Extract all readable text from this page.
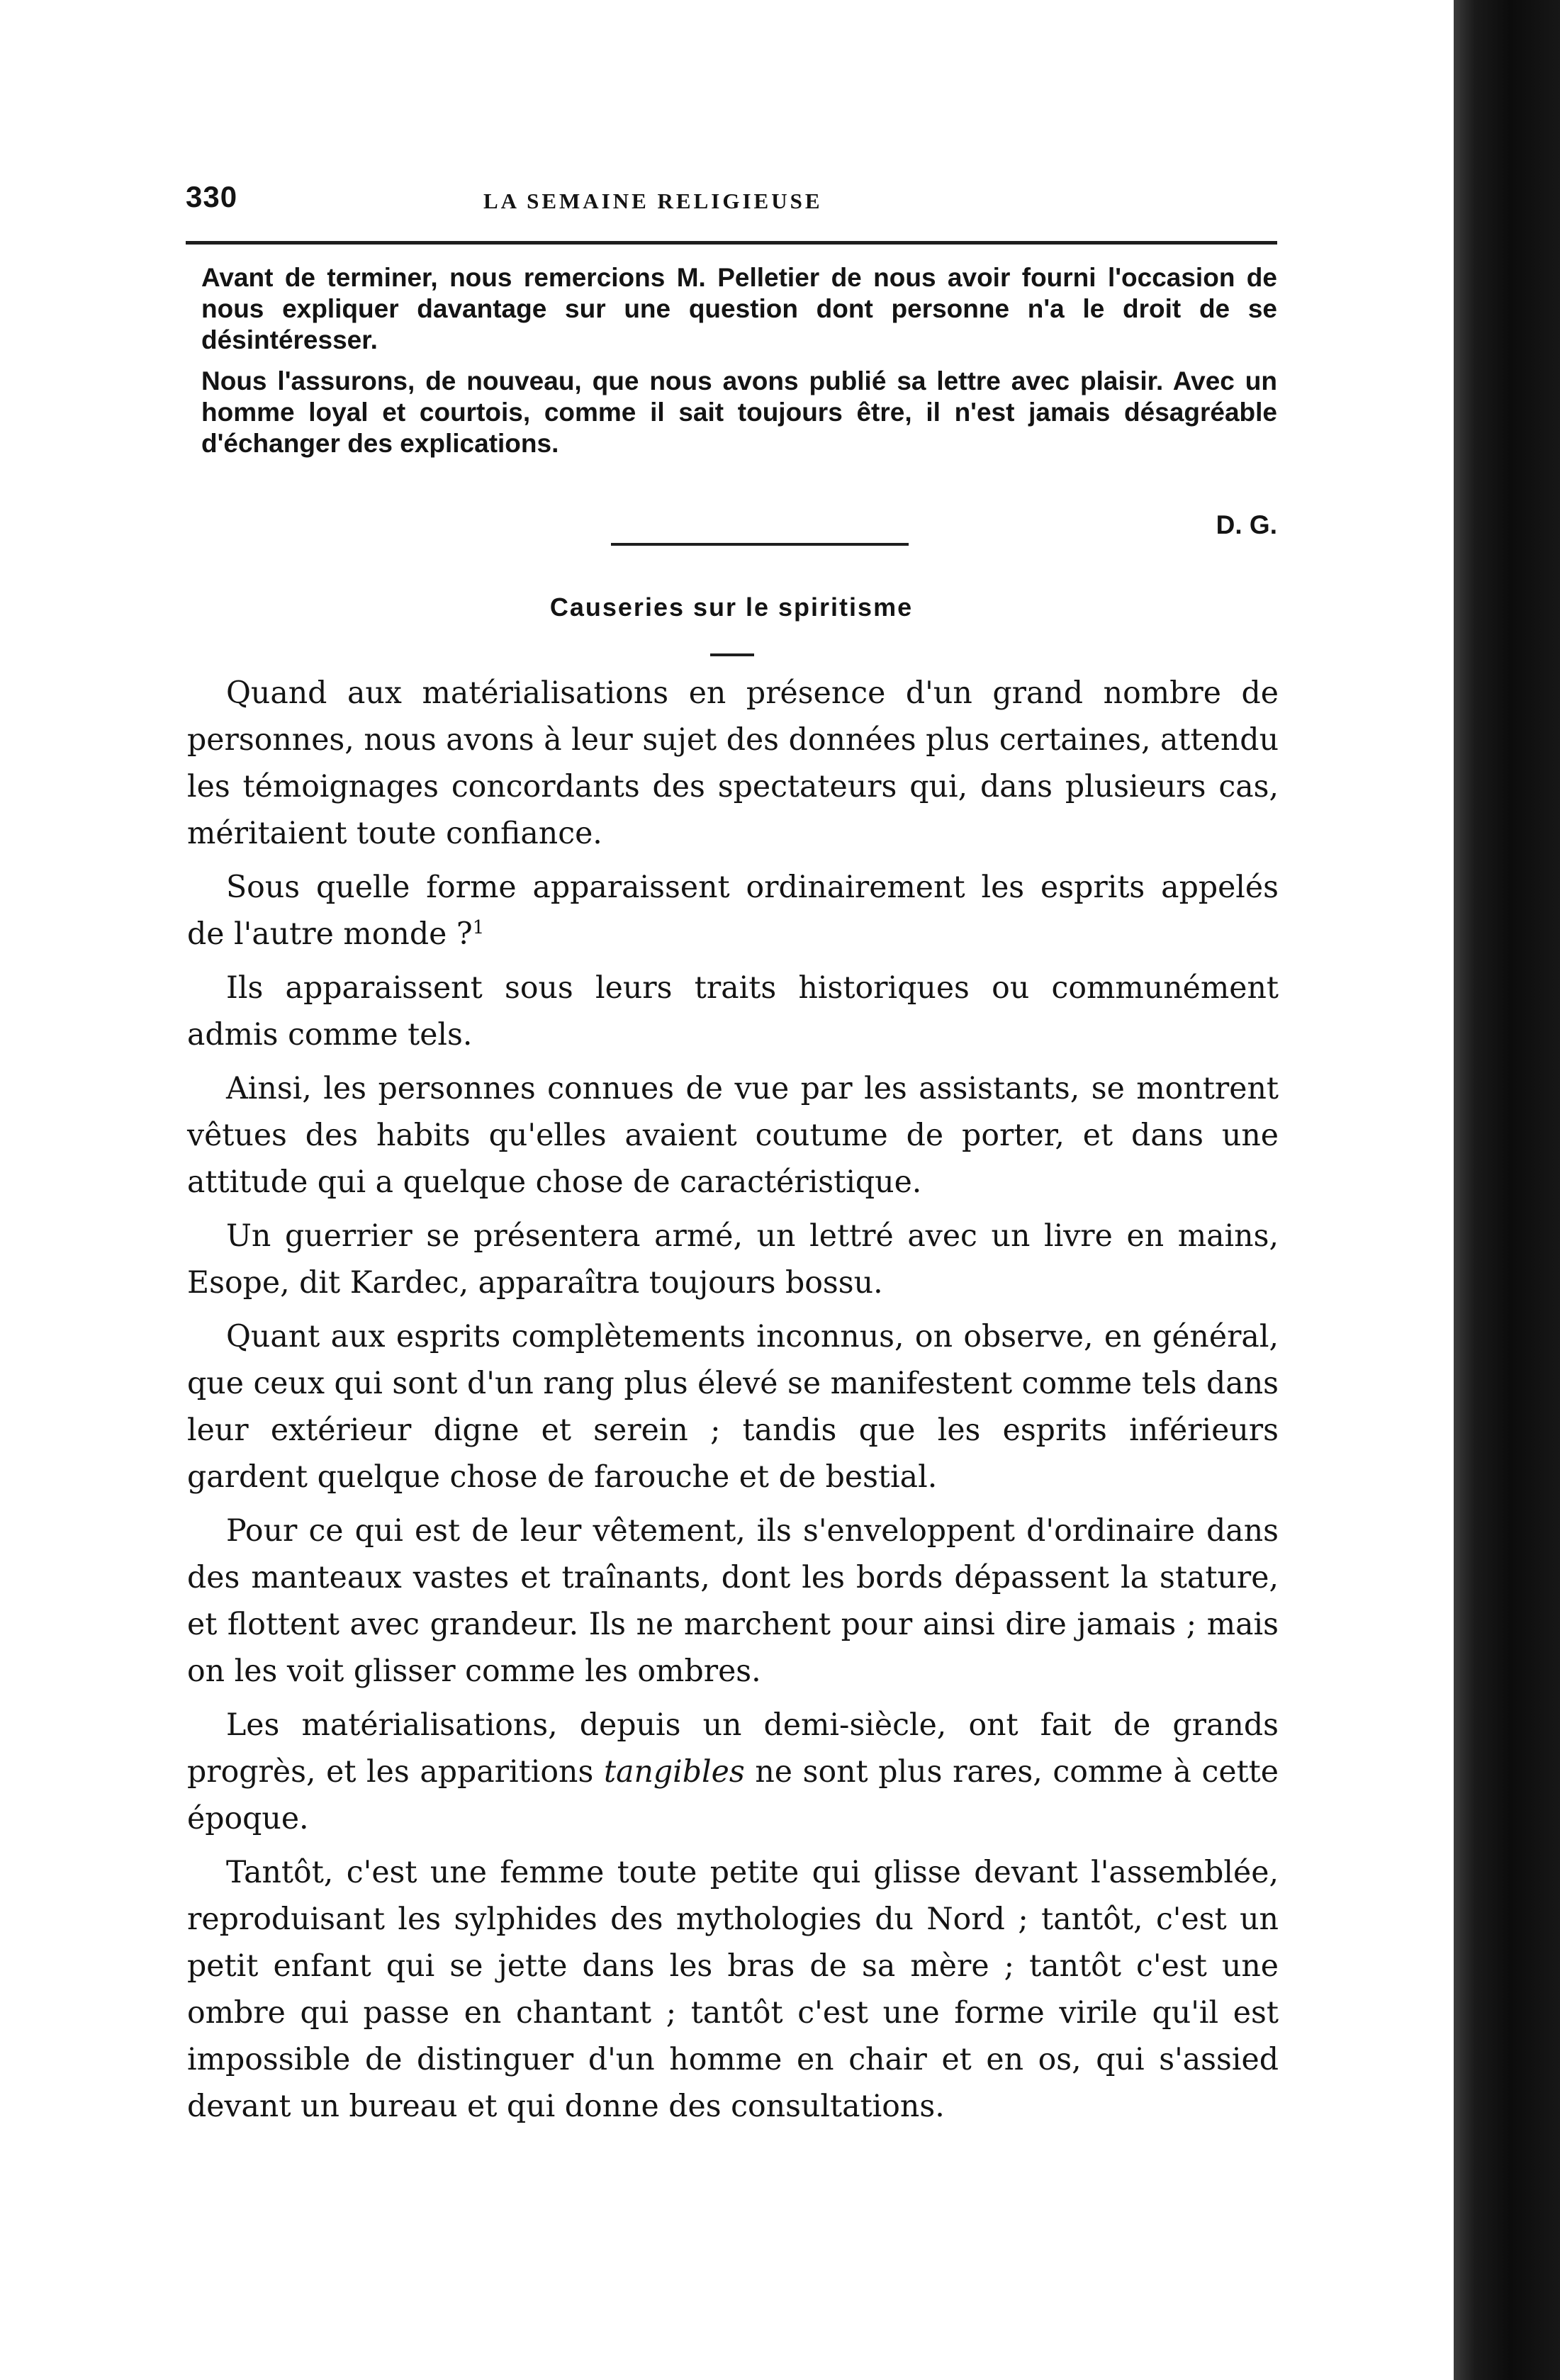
330	LA SEMAINE RELIGIEUSE

Avant de terminer, nous remercions M. Pelletier de nous avoir fourni l'occasion de nous expliquer davantage sur une question dont personne n'a le droit de se désintéresser.

Nous l'assurons, de nouveau, que nous avons publié sa lettre avec plaisir. Avec un homme loyal et courtois, comme il sait toujours être, il n'est jamais désagréable d'échanger des explications.

D. G.
Causeries sur le spiritisme

Quand aux matérialisations en présence d'un grand nombre de personnes, nous avons à leur sujet des données plus certaines, attendu les témoignages concordants des spectateurs qui, dans plusieurs cas, méritaient toute confiance.

Sous quelle forme apparaissent ordinairement les esprits appelés de l'autre monde ?$^1$

Ils apparaissent sous leurs traits historiques ou communément admis comme tels.

Ainsi, les personnes connues de vue par les assistants, se montrent vêtues des habits qu'elles avaient coutume de porter, et dans une attitude qui a quelque chose de caractéristique.

Un guerrier se présentera armé, un lettré avec un livre en mains, Esope, dit Kardec, apparaîtra toujours bossu.

Quant aux esprits complètements inconnus, on observe, en général, que ceux qui sont d'un rang plus élevé se manifestent comme tels dans leur extérieur digne et serein ; tandis que les esprits inférieurs gardent quelque chose de farouche et de bestial.

Pour ce qui est de leur vêtement, ils s'enveloppent d'ordinaire dans des manteaux vastes et traînants, dont les bords dépassent la stature, et flottent avec grandeur. Ils ne marchent pour ainsi dire jamais ; mais on les voit glisser comme les ombres.

Les matérialisations, depuis un demi-siècle, ont fait de grands progrès, et les apparitions tangibles ne sont plus rares, comme à cette époque.

Tantôt, c'est une femme toute petite qui glisse devant l'assemblée, reproduisant les sylphides des mythologies du Nord ; tantôt, c'est un petit enfant qui se jette dans les bras de sa mère ; tantôt c'est une ombre qui passe en chantant ; tantôt c'est une forme virile qu'il est impossible de distinguer d'un homme en chair et en os, qui s'assied devant un bureau et qui donne des consultations.
